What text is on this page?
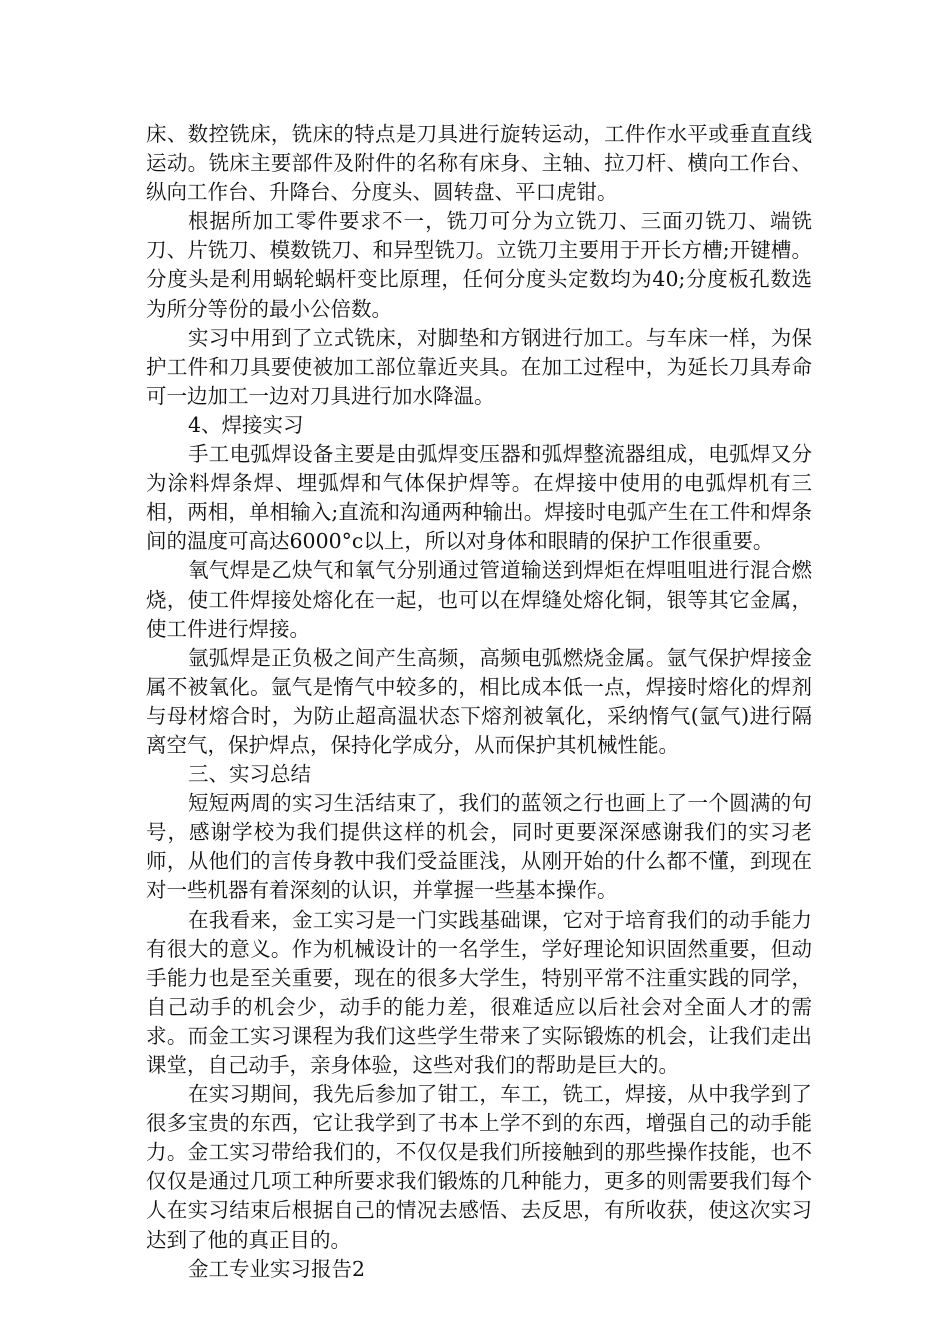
床、数控铣床，铣床的特点是刀具进行旋转运动，工件作水平或垂直直线运动。铣床主要部件及附件的名称有床身、主轴、拉刀杆、横向工作台、纵向工作台、升降台、分度头、圆转盘、平口虎钳。

根据所加工零件要求不一，铣刀可分为立铣刀、三面刃铣刀、端铣刀、片铣刀、模数铣刀、和异型铣刀。立铣刀主要用于开长方槽;开键槽。分度头是利用蜗轮蜗杆变比原理，任何分度头定数均为40;分度板孔数选为所分等份的最小公倍数。

实习中用到了立式铣床，对脚垫和方钢进行加工。与车床一样，为保护工件和刀具要使被加工部位靠近夹具。在加工过程中，为延长刀具寿命可一边加工一边对刀具进行加水降温。

4、焊接实习

手工电弧焊设备主要是由弧焊变压器和弧焊整流器组成，电弧焊又分为涂料焊条焊、埋弧焊和气体保护焊等。在焊接中使用的电弧焊机有三相，两相，单相输入;直流和沟通两种输出。焊接时电弧产生在工件和焊条间的温度可高达6000°c以上，所以对身体和眼睛的保护工作很重要。

氧气焊是乙炔气和氧气分别通过管道输送到焊炬在焊咀咀进行混合燃烧，使工件焊接处熔化在一起，也可以在焊缝处熔化铜，银等其它金属，使工件进行焊接。

氩弧焊是正负极之间产生高频，高频电弧燃烧金属。氩气保护焊接金属不被氧化。氩气是惰气中较多的，相比成本低一点，焊接时熔化的焊剂与母材熔合时，为防止超高温状态下熔剂被氧化，采纳惰气(氩气)进行隔离空气，保护焊点，保持化学成分，从而保护其机械性能。

三、实习总结

短短两周的实习生活结束了，我们的蓝领之行也画上了一个圆满的句号，感谢学校为我们提供这样的机会，同时更要深深感谢我们的实习老师，从他们的言传身教中我们受益匪浅，从刚开始的什么都不懂，到现在对一些机器有着深刻的认识，并掌握一些基本操作。

在我看来，金工实习是一门实践基础课，它对于培育我们的动手能力有很大的意义。作为机械设计的一名学生，学好理论知识固然重要，但动手能力也是至关重要，现在的很多大学生，特别平常不注重实践的同学，自己动手的机会少，动手的能力差，很难适应以后社会对全面人才的需求。而金工实习课程为我们这些学生带来了实际锻炼的机会，让我们走出课堂，自己动手，亲身体验，这些对我们的帮助是巨大的。

在实习期间，我先后参加了钳工，车工，铣工，焊接，从中我学到了很多宝贵的东西，它让我学到了书本上学不到的东西，增强自己的动手能力。金工实习带给我们的，不仅仅是我们所接触到的那些操作技能，也不仅仅是通过几项工种所要求我们锻炼的几种能力，更多的则需要我们每个人在实习结束后根据自己的情况去感悟、去反思，有所收获，使这次实习达到了他的真正目的。

金工专业实习报告2
